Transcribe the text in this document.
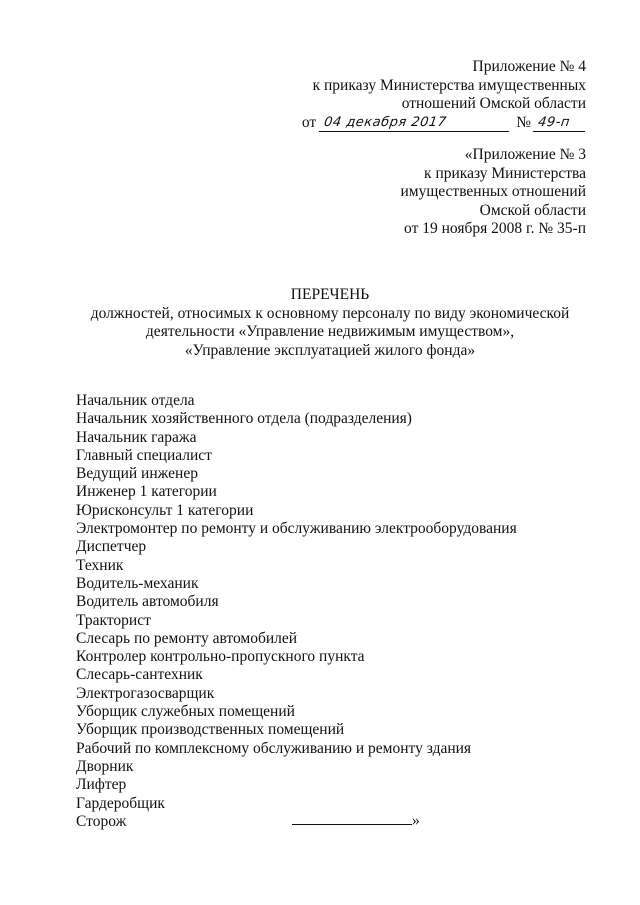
Приложение № 4
к приказу Министерства имущественных
отношений Омской области
от 04 декабря 2017	№ 49-п
«Приложение № 3
к приказу Министерства
имущественных отношений
Омской области
от 19 ноября 2008 г. № 35-п
ПЕРЕЧЕНЬ
должностей, относимых к основному персоналу по виду экономической
деятельности «Управление недвижимым имуществом»,
«Управление эксплуатацией жилого фонда»
Начальник отдела
Начальник хозяйственного отдела (подразделения)
Начальник гаража
Главный специалист
Ведущий инженер
Инженер 1 категории
Юрисконсульт 1 категории
Электромонтер по ремонту и обслуживанию электрооборудования
Диспетчер
Техник
Водитель-механик
Водитель автомобиля
Тракторист
Слесарь по ремонту автомобилей
Контролер контрольно-пропускного пункта
Слесарь-сантехник
Электрогазосварщик
Уборщик служебных помещений
Уборщик производственных помещений
Рабочий по комплексному обслуживанию и ремонту здания
Дворник
Лифтер
Гардеробщик
Сторож	»
